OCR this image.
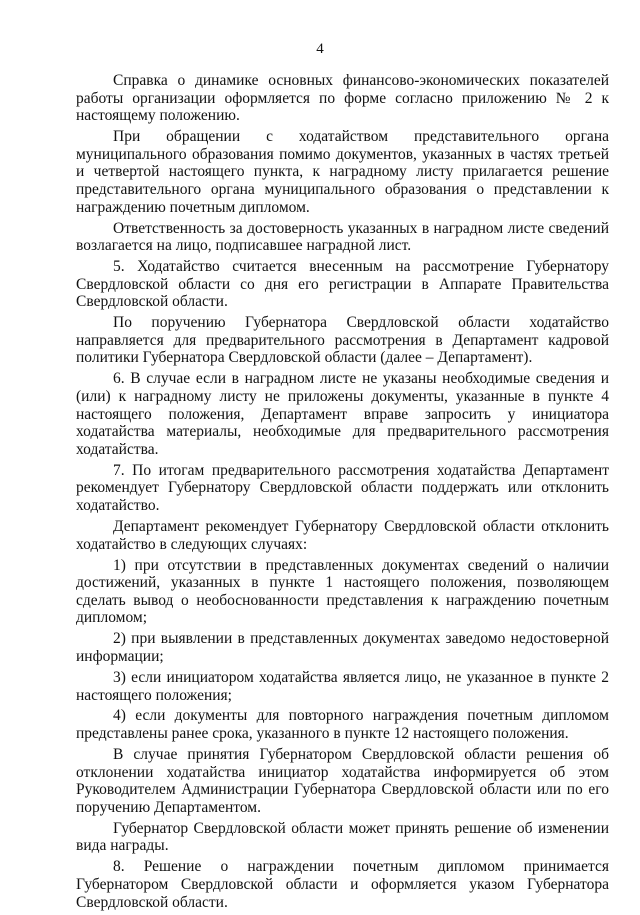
4

Справка о динамике основных финансово-экономических показателей работы организации оформляется по форме согласно приложению № 2 к настоящему положению.

При обращении с ходатайством представительного органа муниципального образования помимо документов, указанных в частях третьей и четвертой настоящего пункта, к наградному листу прилагается решение представительного органа муниципального образования о представлении к награждению почетным дипломом.

Ответственность за достоверность указанных в наградном листе сведений возлагается на лицо, подписавшее наградной лист.

5. Ходатайство считается внесенным на рассмотрение Губернатору Свердловской области со дня его регистрации в Аппарате Правительства Свердловской области.

По поручению Губернатора Свердловской области ходатайство направляется для предварительного рассмотрения в Департамент кадровой политики Губернатора Свердловской области (далее – Департамент).

6. В случае если в наградном листе не указаны необходимые сведения и (или) к наградному листу не приложены документы, указанные в пункте 4 настоящего положения, Департамент вправе запросить у инициатора ходатайства материалы, необходимые для предварительного рассмотрения ходатайства.

7. По итогам предварительного рассмотрения ходатайства Департамент рекомендует Губернатору Свердловской области поддержать или отклонить ходатайство.

Департамент рекомендует Губернатору Свердловской области отклонить ходатайство в следующих случаях:

1) при отсутствии в представленных документах сведений о наличии достижений, указанных в пункте 1 настоящего положения, позволяющем сделать вывод о необоснованности представления к награждению почетным дипломом;

2) при выявлении в представленных документах заведомо недостоверной информации;

3) если инициатором ходатайства является лицо, не указанное в пункте 2 настоящего положения;

4) если документы для повторного награждения почетным дипломом представлены ранее срока, указанного в пункте 12 настоящего положения.

В случае принятия Губернатором Свердловской области решения об отклонении ходатайства инициатор ходатайства информируется об этом Руководителем Администрации Губернатора Свердловской области или по его поручению Департаментом.

Губернатор Свердловской области может принять решение об изменении вида награды.

8. Решение о награждении почетным дипломом принимается Губернатором Свердловской области и оформляется указом Губернатора Свердловской области.
